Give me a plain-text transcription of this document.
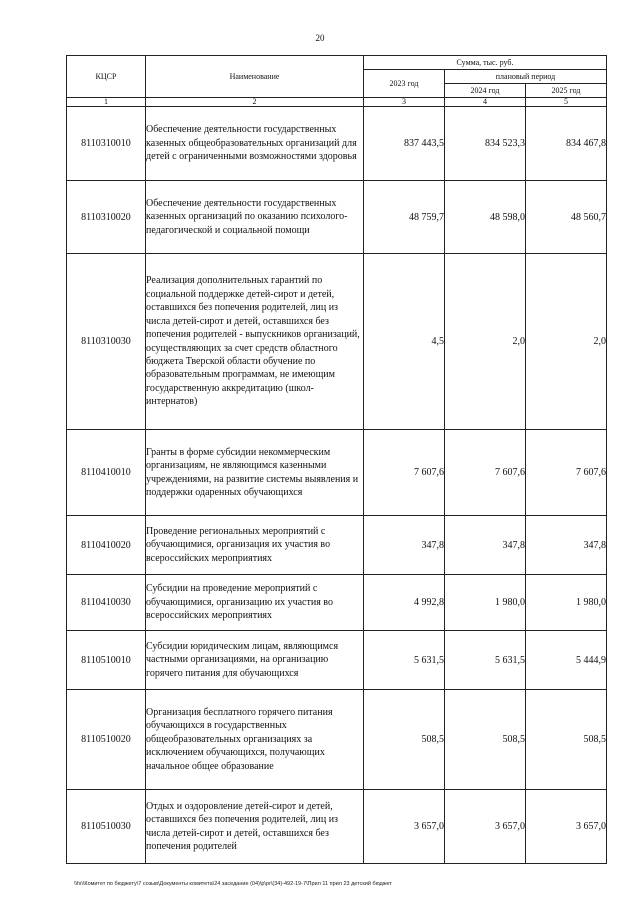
20
КЦСР	Наименование	Сумма, тыс. руб.		
		2023 год	плановый период	
			2024 год	2025 год
1	2	3	4	5
8110310010	Обеспечение деятельности государственных казенных общеобразовательных организаций для детей с ограниченными возможностями здоровья	837 443,5	834 523,3	834 467,8
8110310020	Обеспечение деятельности государственных казенных организаций по оказанию психолого-педагогической и социальной помощи	48 759,7	48 598,0	48 560,7
8110310030	Реализация дополнительных гарантий по социальной поддержке детей-сирот и детей, оставшихся без попечения родителей, лиц из числа детей-сирот и детей, оставшихся без попечения родителей - выпускников организаций, осуществляющих за счет средств областного бюджета Тверской области обучение по образовательным программам, не имеющим государственную аккредитацию (школ-интернатов)	4,5	2,0	2,0
8110410010	Гранты в форме субсидии некоммерческим организациям, не являющимся казенными учреждениями, на развитие системы выявления и поддержки одаренных обучающихся	7 607,6	7 607,6	7 607,6
8110410020	Проведение региональных мероприятий с обучающимися, организация их участия во всероссийских мероприятиях	347,8	347,8	347,8
8110410030	Субсидии на проведение мероприятий с обучающимися, организацию их участия во всероссийских мероприятиях	4 992,8	1 980,0	1 980,0
8110510010	Субсидии юридическим лицам, являющимся частными организациями, на организацию горячего питания для обучающихся	5 631,5	5 631,5	5 444,9
8110510020	Организация бесплатного горячего питания обучающихся в государственных общеобразовательных организациях за исключением обучающихся, получающих начальное общее образование	508,5	508,5	508,5
8110510030	Отдых и оздоровление детей-сирот и детей, оставшихся без попечения родителей, лиц из числа детей-сирот и детей, оставшихся без попечения родителей	3 657,0	3 657,0	3 657,0
\\fs\\Комитет по бюджету\7 созыв\Документы комитета\24 заседание (04)\p\pr\(34)-492-19-7\Прил 11 прил 23 детский бюджет
